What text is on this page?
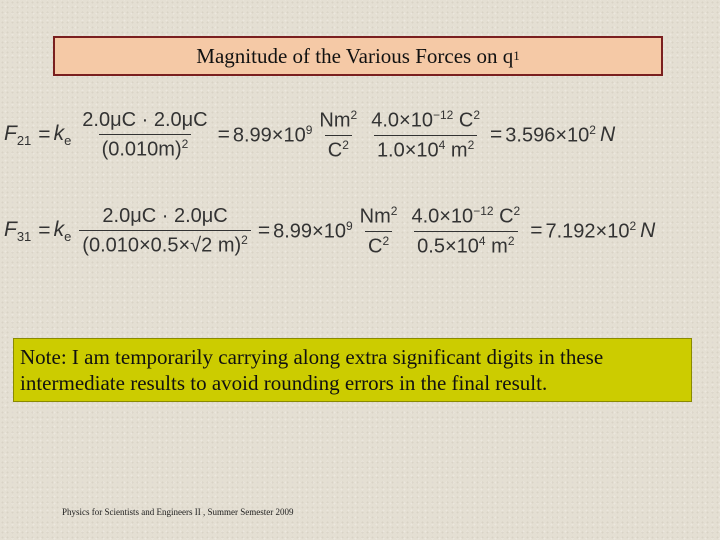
Magnitude of the Various Forces on q 1
$F_{21} = k_e \frac{2.0\mu C \cdot 2.0\mu C}{(0.010m)^2} = 8.99\times 10^9 \frac{Nm^2}{C^2} \frac{4.0\times 10^{-12} C^2}{1.0\times 10^4 m^2} = 3.596\times 10^2$ N
$F_{31} = k_e \frac{2.0\mu C \cdot 2.0\mu C}{(0.010\times 0.5\times√2 m)^2} = 8.99\times 10^9 \frac{Nm^2}{C^2} \frac{4.0\times 10^{-12} C^2}{0.5\times 10^4 m^2} = 7.192\times 10^2$ N
Note: I am temporarily carrying along extra significant digits in these intermediate results to avoid rounding errors in the final result.
Physics for Scientists and Engineers II , Summer Semester 2009
